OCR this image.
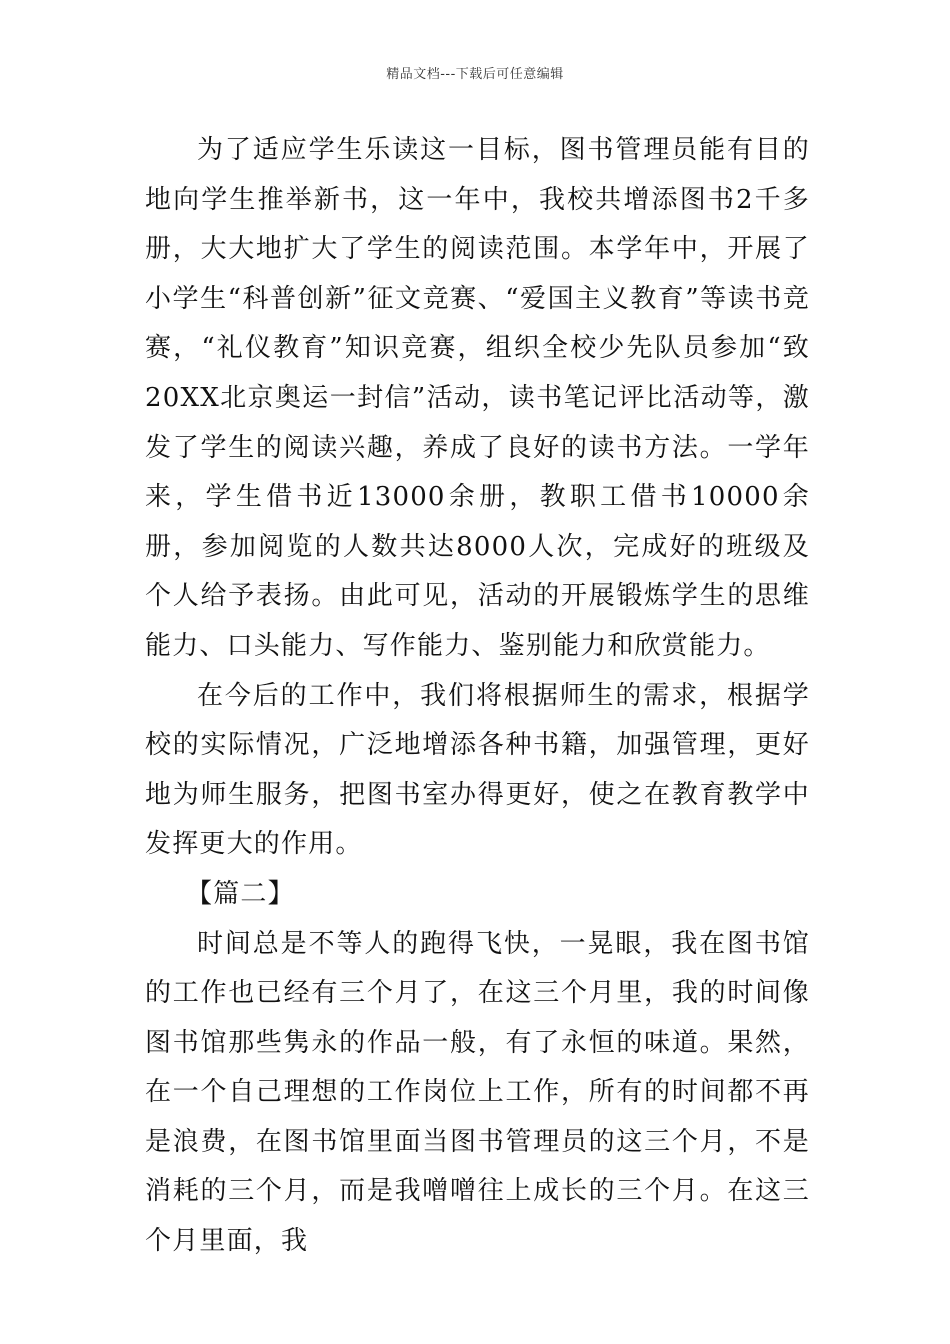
精品文档---下载后可任意编辑

为了适应学生乐读这一目标，图书管理员能有目的地向学生推举新书，这一年中，我校共增添图书2千多册，大大地扩大了学生的阅读范围。本学年中，开展了小学生“科普创新”征文竞赛、“爱国主义教育”等读书竞赛，“礼仪教育”知识竞赛，组织全校少先队员参加“致20XX北京奥运一封信”活动，读书笔记评比活动等，激发了学生的阅读兴趣，养成了良好的读书方法。一学年来，学生借书近13000余册，教职工借书10000余册，参加阅览的人数共达8000人次，完成好的班级及个人给予表扬。由此可见，活动的开展锻炼学生的思维能力、口头能力、写作能力、鉴别能力和欣赏能力。

在今后的工作中，我们将根据师生的需求，根据学校的实际情况，广泛地增添各种书籍，加强管理，更好地为师生服务，把图书室办得更好，使之在教育教学中发挥更大的作用。

【篇二】

时间总是不等人的跑得飞快，一晃眼，我在图书馆的工作也已经有三个月了，在这三个月里，我的时间像图书馆那些隽永的作品一般，有了永恒的味道。果然，在一个自己理想的工作岗位上工作，所有的时间都不再是浪费，在图书馆里面当图书管理员的这三个月，不是消耗的三个月，而是我噌噌往上成长的三个月。在这三个月里面，我
